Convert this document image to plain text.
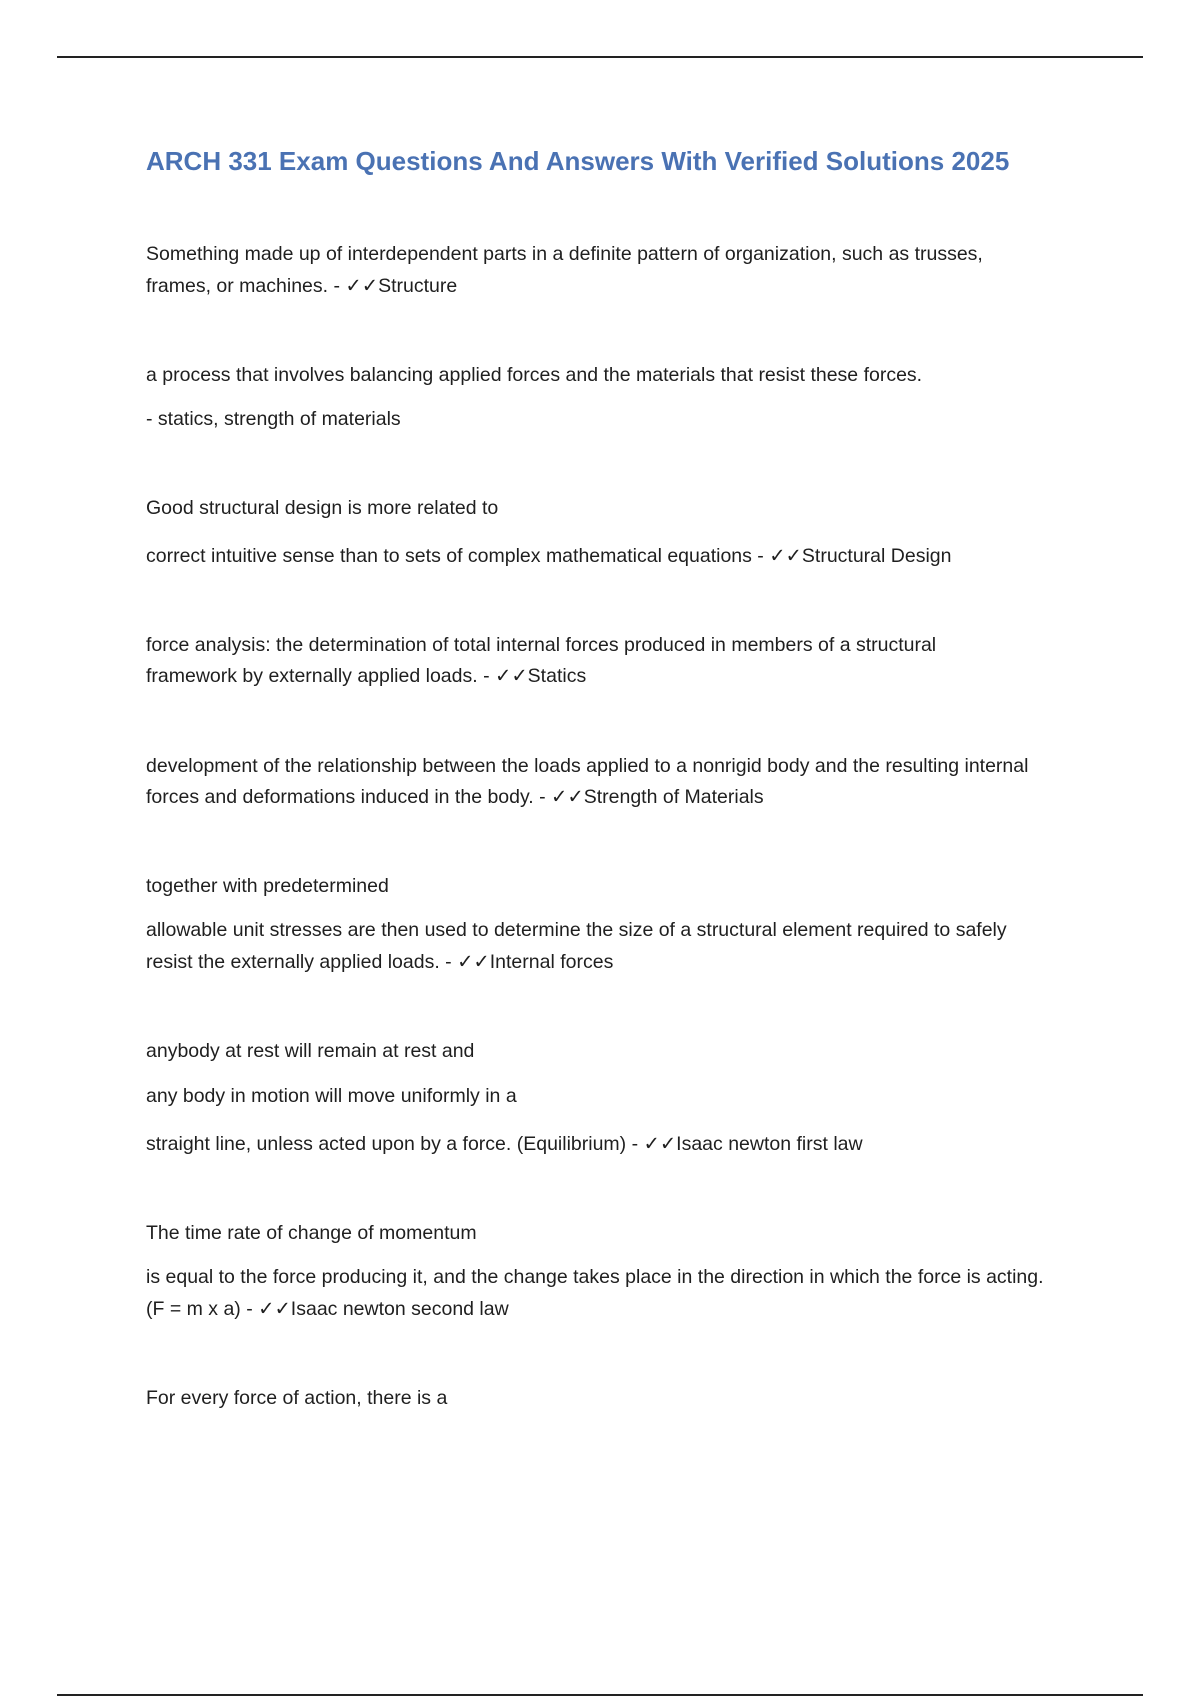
ARCH 331 Exam Questions And Answers With Verified Solutions 2025
Something made up of interdependent parts in a definite pattern of organization, such as trusses,
frames, or machines. - ✓✓Structure
a process that involves balancing applied forces and the materials that resist these forces.
- statics, strength of materials
Good structural design is more related to
correct intuitive sense than to sets of complex mathematical equations - ✓✓Structural Design
force analysis: the determination of total internal forces produced in members of a structural
framework by externally applied loads. - ✓✓Statics
development of the relationship between the loads applied to a nonrigid body and the resulting internal
forces and deformations induced in the body. - ✓✓Strength of Materials
together with predetermined
allowable unit stresses are then used to determine the size of a structural element required to safely
resist the externally applied loads. - ✓✓Internal forces
anybody at rest will remain at rest and
any body in motion will move uniformly in a
straight line, unless acted upon by a force. (Equilibrium) - ✓✓Isaac newton first law
The time rate of change of momentum
is equal to the force producing it, and the change takes place in the direction in which the force is acting.
(F = m x a) - ✓✓Isaac newton second law
For every force of action, there is a
